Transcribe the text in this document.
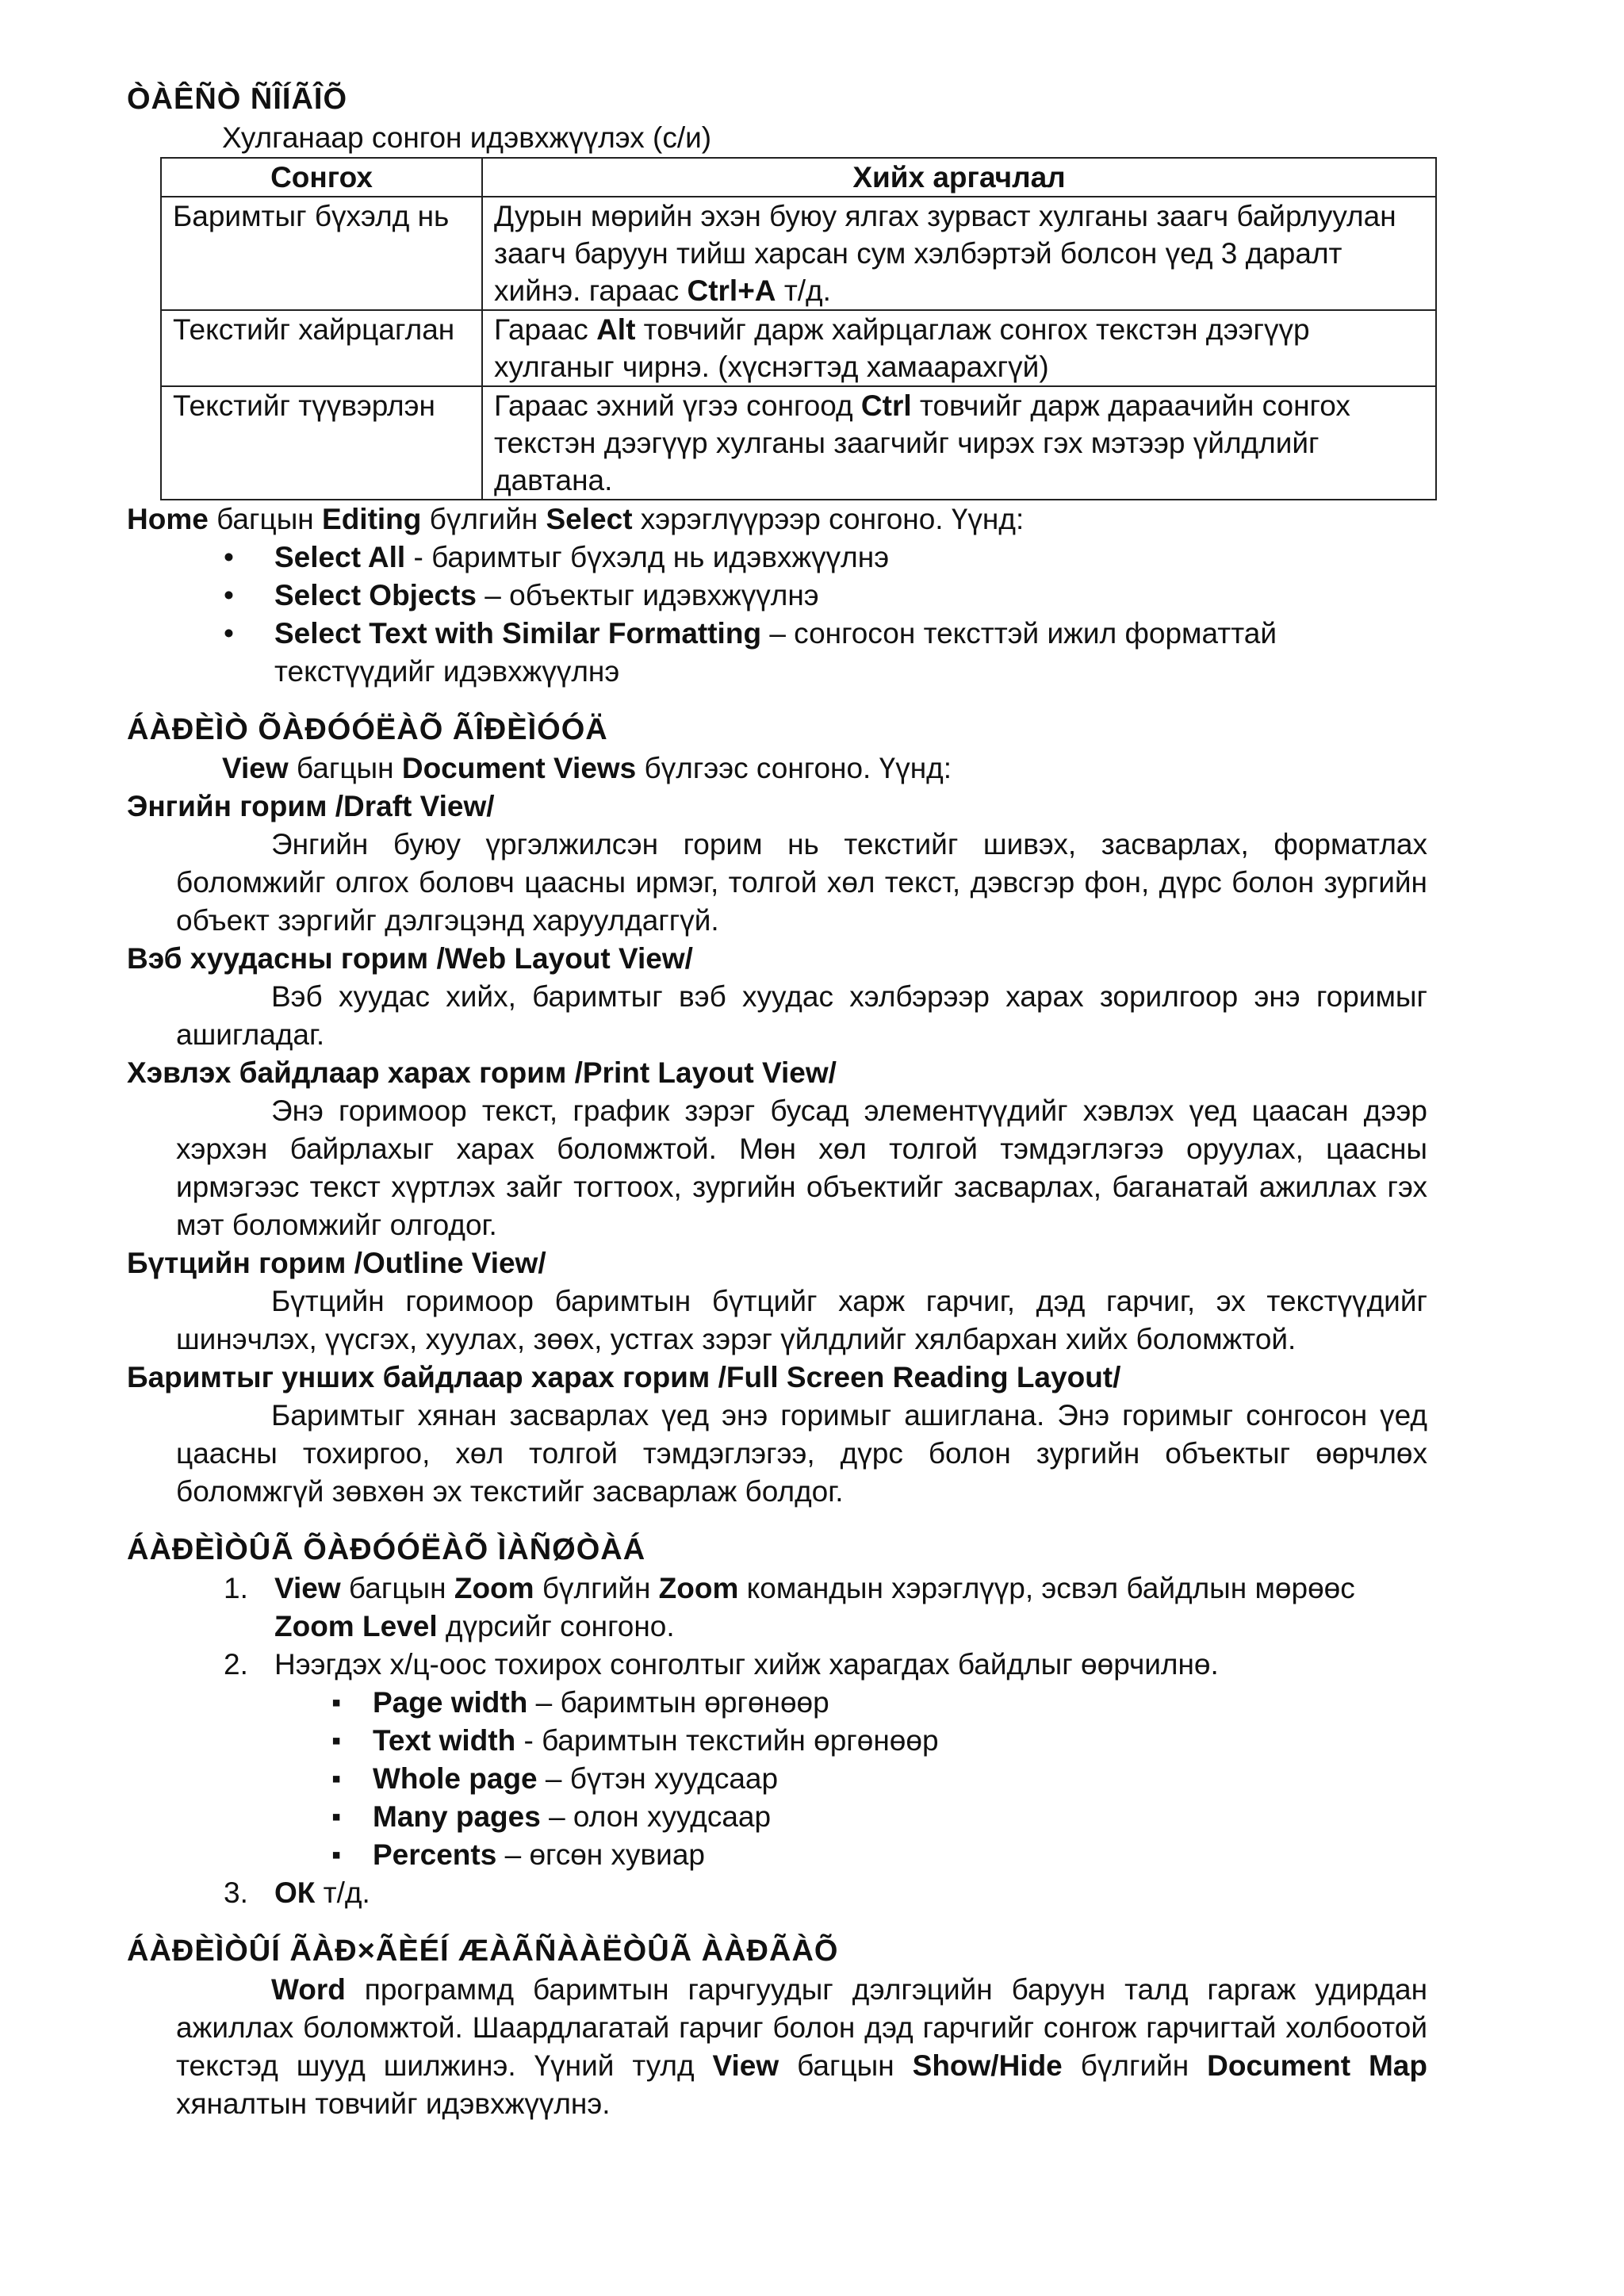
ÒÀÊÑÒ ÑÎÍÃÎÕ
Хулганаар сонгон идэвхжүүлэх (с/и)
Сонгох	Хийх аргачлал
Баримтыг бүхэлд нь	Дурын мөрийн эхэн буюу ялгах зурваст хулганы заагч байрлуулан заагч баруун тийш харсан сум хэлбэртэй болсон үед 3 даралт хийнэ. гараас Ctrl+A т/д.
Текстийг хайрцаглан	Гараас Alt товчийг дарж хайрцаглаж сонгох текстэн дээгүүр хулганыг чирнэ. (хүснэгтэд хамаарахгүй)
Текстийг түүвэрлэн	Гараас эхний үгээ сонгоод Ctrl товчийг дарж дараачийн сонгох текстэн дээгүүр хулганы заагчийг чирэх гэх мэтээр үйлдлийг давтана.
Home багцын Editing бүлгийн Select хэрэглүүрээр сонгоно. Үүнд:
• Select All - баримтыг бүхэлд нь идэвхжүүлнэ
• Select Objects – объектыг идэвхжүүлнэ
• Select Text with Similar Formatting – сонгосон тексттэй ижил форматтай текстүүдийг идэвхжүүлнэ
ÁÀÐÈÌÒ ÕÀÐÓÓËÀÕ ÃÎÐÈÌÓÓÄ
View багцын Document Views бүлгээс сонгоно. Үүнд:
Энгийн горим /Draft View/
Энгийн буюу үргэлжилсэн горим нь текстийг шивэх, засварлах, форматлах боломжийг олгох боловч цаасны ирмэг, толгой хөл текст, дэвсгэр фон, дүрс болон зургийн объект зэргийг дэлгэцэнд харуулдаггүй.
Вэб хуудасны горим /Web Layout View/
Вэб хуудас хийх, баримтыг вэб хуудас хэлбэрээр харах зорилгоор энэ горимыг ашигладаг.
Хэвлэх байдлаар харах горим /Print Layout View/
Энэ горимоор текст, график зэрэг бусад элементүүдийг хэвлэх үед цаасан дээр хэрхэн байрлахыг харах боломжтой. Мөн хөл толгой тэмдэглэгээ оруулах, цаасны ирмэгээс текст хүртлэх зайг тогтоох, зургийн объектийг засварлах, баганатай ажиллах гэх мэт боломжийг олгодог.
Бүтцийн горим /Outline View/
Бүтцийн горимоор баримтын бүтцийг харж гарчиг, дэд гарчиг, эх текстүүдийг шинэчлэх, үүсгэх, хуулах, зөөх, устгах зэрэг үйлдлийг хялбархан хийх боломжтой.
Баримтыг унших байдлаар харах горим /Full Screen Reading Layout/
Баримтыг хянан засварлах үед энэ горимыг ашиглана. Энэ горимыг сонгосон үед цаасны тохиргоо, хөл толгой тэмдэглэгээ, дүрс болон зургийн объектыг өөрчлөх боломжгүй зөвхөн эх текстийг засварлаж болдог.
ÁÀÐÈÌÒÛÃ ÕÀÐÓÓËÀÕ ÌÀÑØÒÀÁ
1. View багцын Zoom бүлгийн Zoom командын хэрэглүүр, эсвэл байдлын мөрөөс Zoom Level дүрсийг сонгоно.
2. Нээгдэх х/ц-оос тохирох сонголтыг хийж харагдах байдлыг өөрчилнө.
▪ Page width – баримтын өргөнөөр
▪ Text width - баримтын текстийн өргөнөөр
▪ Whole page – бүтэн хуудсаар
▪ Many pages – олон хуудсаар
▪ Percents – өгсөн хувиар
3. ОК т/д.
ÁÀÐÈÌÒÛÍ ÃÀÐ×ÃÈÉÍ ÆÀÃÑÀÀËÒÛÃ ÀÀÐÃÀÕ
Word программд баримтын гарчгуудыг дэлгэцийн баруун талд гаргаж удирдан ажиллах боломжтой. Шаардлагатай гарчиг болон дэд гарчгийг сонгож гарчигтай холбоотой текстэд шууд шилжинэ. Үүний тулд View багцын Show/Hide бүлгийн Document Map хяналтын товчийг идэвхжүүлнэ.
